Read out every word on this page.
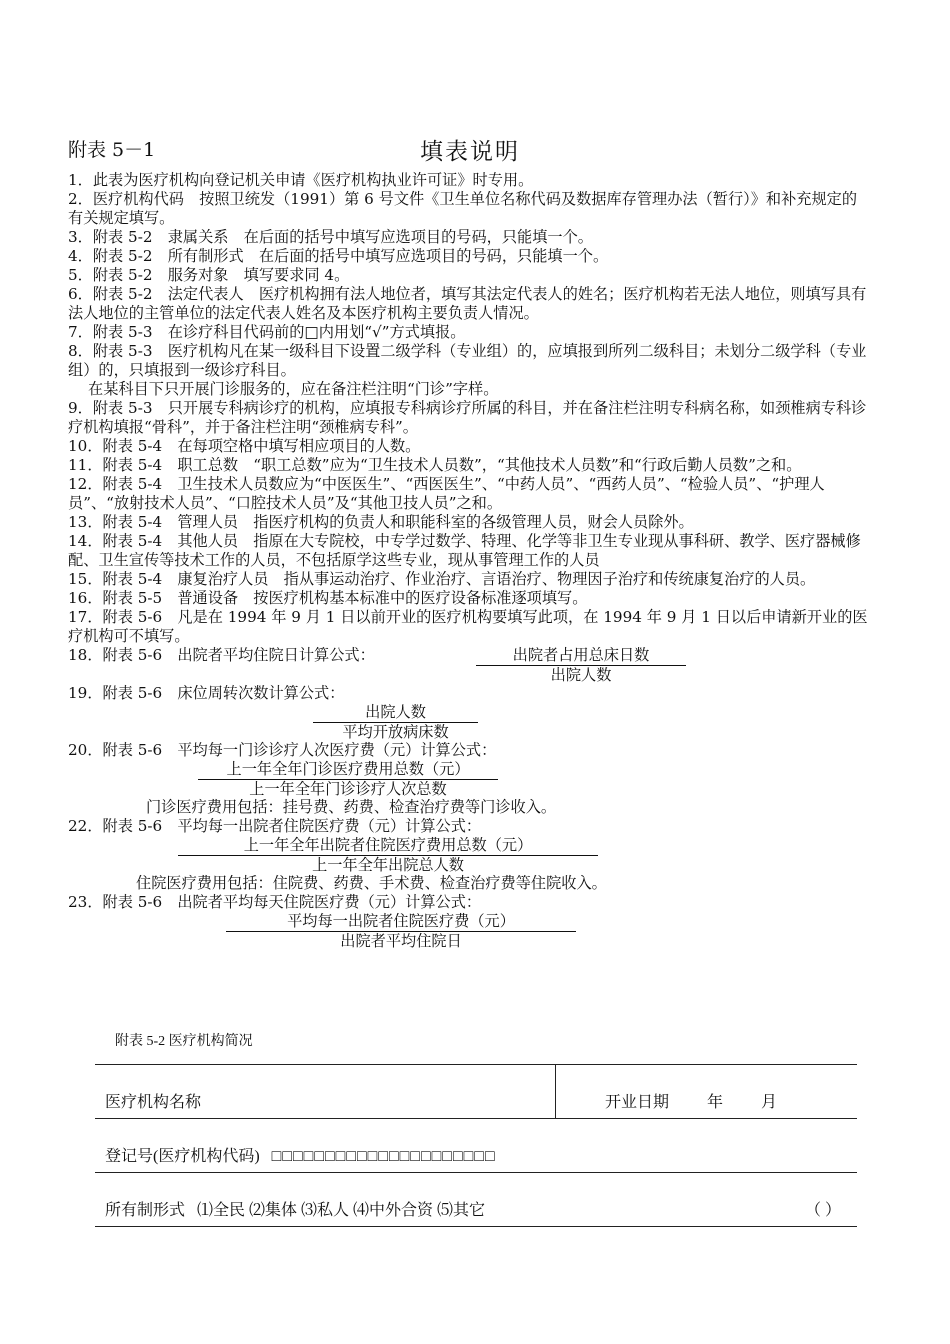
附表 5－1	填表说明

1．此表为医疗机构向登记机关申请《医疗机构执业许可证》时专用。

2．医疗机构代码　按照卫统发（1991）第 6 号文件《卫生单位名称代码及数据库存管理办法（暂行）》和补充规定的有关规定填写。

3．附表 5-2　隶属关系　在后面的括号中填写应选项目的号码，只能填一个。

4．附表 5-2　所有制形式　在后面的括号中填写应选项目的号码，只能填一个。

5．附表 5-2　服务对象　填写要求同 4。

6．附表 5-2　法定代表人　医疗机构拥有法人地位者，填写其法定代表人的姓名；医疗机构若无法人地位，则填写具有法人地位的主管单位的法定代表人姓名及本医疗机构主要负责人情况。

7．附表 5-3　在诊疗科目代码前的□内用划“√”方式填报。

8．附表 5-3　医疗机构凡在某一级科目下设置二级学科（专业组）的，应填报到所列二级科目；未划分二级学科（专业组）的，只填报到一级诊疗科目。

在某科目下只开展门诊服务的，应在备注栏注明“门诊”字样。

9．附表 5-3　只开展专科病诊疗的机构，应填报专科病诊疗所属的科目，并在备注栏注明专科病名称，如颈椎病专科诊疗机构填报“骨科”，并于备注栏注明“颈椎病专科”。

10．附表 5-4　在每项空格中填写相应项目的人数。

11．附表 5-4　职工总数　“职工总数”应为“卫生技术人员数”，“其他技术人员数”和“行政后勤人员数”之和。

12．附表 5-4　卫生技术人员数应为“中医医生”、“西医医生”、“中药人员”、“西药人员”、“检验人员”、“护理人员”、“放射技术人员”、“口腔技术人员”及“其他卫技人员”之和。

13．附表 5-4　管理人员　指医疗机构的负责人和职能科室的各级管理人员，财会人员除外。

14．附表 5-4　其他人员　指原在大专院校，中专学过数学、特理、化学等非卫生专业现从事科研、教学、医疗器械修配、卫生宣传等技术工作的人员，不包括原学这些专业，现从事管理工作的人员

15．附表 5-4　康复治疗人员　指从事运动治疗、作业治疗、言语治疗、物理因子治疗和传统康复治疗的人员。

16．附表 5-5　普通设备　按医疗机构基本标准中的医疗设备标准逐项填写。

17．附表 5-6　凡是在 1994 年 9 月 1 日以前开业的医疗机构要填写此项，在 1994 年 9 月 1 日以后申请新开业的医疗机构可不填写。

18．附表 5-6　出院者平均住院日计算公式：	出院者占用总床日数
出院人数

19．附表 5-6　床位周转次数计算公式：

出院人数
平均开放病床数

20．附表 5-6　平均每一门诊诊疗人次医疗费（元）计算公式：

上一年全年门诊医疗费用总数（元）
上一年全年门诊诊疗人次总数

门诊医疗费用包括：挂号费、药费、检查治疗费等门诊收入。

22．附表 5-6　平均每一出院者住院医疗费（元）计算公式：

上一年全年出院者住院医疗费用总数（元）
上一年全年出院总人数

住院医疗费用包括：住院费、药费、手术费、检查治疗费等住院收入。

23．附表 5-6　出院者平均每天住院医疗费（元）计算公式：

平均每一出院者住院医疗费（元）
出院者平均住院日
附表 5-2 医疗机构简况
医疗机构名称	开业日期 年 月
登记号(医疗机构代码) □□□□□□□□□□□□□□□□□□□□□
所有制形式 ⑴全民 ⑵集体 ⑶私人 ⑷中外合资 ⑸其它	（ ）
